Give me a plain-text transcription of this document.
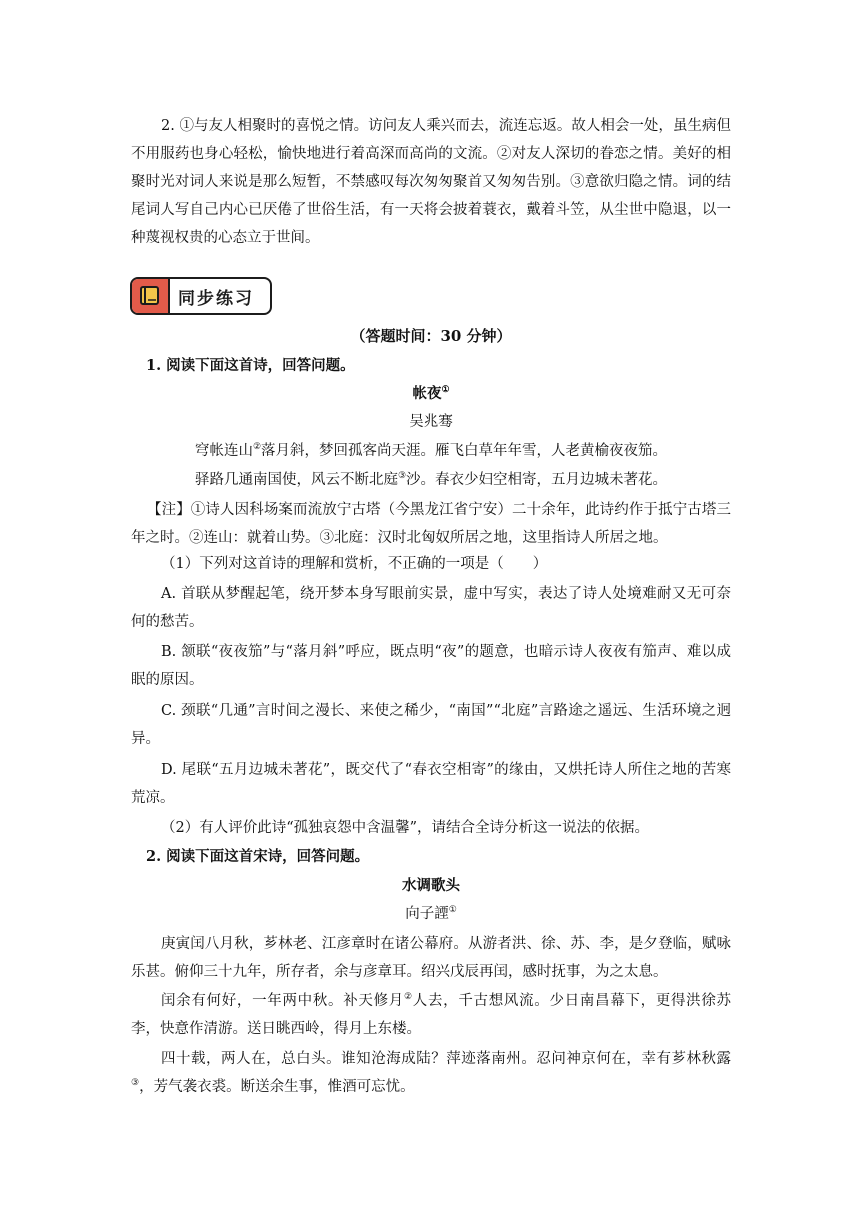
2. ①与友人相聚时的喜悦之情。访问友人乘兴而去，流连忘返。故人相会一处，虽生病但不用服药也身心轻松，愉快地进行着高深而高尚的文流。②对友人深切的眷恋之情。美好的相聚时光对词人来说是那么短暂，不禁感叹每次匆匆聚首又匆匆告别。③意欲归隐之情。词的结尾词人写自己内心已厌倦了世俗生活，有一天将会披着蓑衣，戴着斗笠，从尘世中隐退，以一种蔑视权贵的心态立于世间。
同步练习
（答题时间：30 分钟）
1. 阅读下面这首诗，回答问题。
帐夜①
吴兆骞
穹帐连山②落月斜，梦回孤客尚天涯。雁飞白草年年雪，人老黄榆夜夜笳。
驿路几通南国使，风云不断北庭③沙。春衣少妇空相寄，五月边城未著花。
【注】①诗人因科场案而流放宁古塔（今黑龙江省宁安）二十余年，此诗约作于抵宁古塔三年之时。②连山：就着山势。③北庭：汉时北匈奴所居之地，这里指诗人所居之地。
（1）下列对这首诗的理解和赏析，不正确的一项是（　　）
A. 首联从梦醒起笔，绕开梦本身写眼前实景，虚中写实，表达了诗人处境难耐又无可奈何的愁苦。
B. 颔联“夜夜笳”与“落月斜”呼应，既点明“夜”的题意，也暗示诗人夜夜有笳声、难以成眠的原因。
C. 颈联“几通”言时间之漫长、来使之稀少，“南国”“北庭”言路途之遥远、生活环境之迥异。
D. 尾联“五月边城未著花”，既交代了“春衣空相寄”的缘由，又烘托诗人所住之地的苦寒荒凉。
（2）有人评价此诗“孤独哀怨中含温馨”，请结合全诗分析这一说法的依据。
2. 阅读下面这首宋诗，回答问题。
水调歌头
向子諲①
庚寅闰八月秋，芗林老、江彦章时在诸公幕府。从游者洪、徐、苏、李，是夕登临，赋咏乐甚。俯仰三十九年，所存者，余与彦章耳。绍兴戊辰再闰，感时抚事，为之太息。
闰余有何好，一年两中秋。补天修月②人去，千古想风流。少日南昌幕下，更得洪徐苏李，快意作清游。送日眺西岭，得月上东楼。
四十载，两人在，总白头。谁知沧海成陆？萍迹落南州。忍问神京何在，幸有芗林秋露③，芳气袭衣裘。断送余生事，惟酒可忘忧。
